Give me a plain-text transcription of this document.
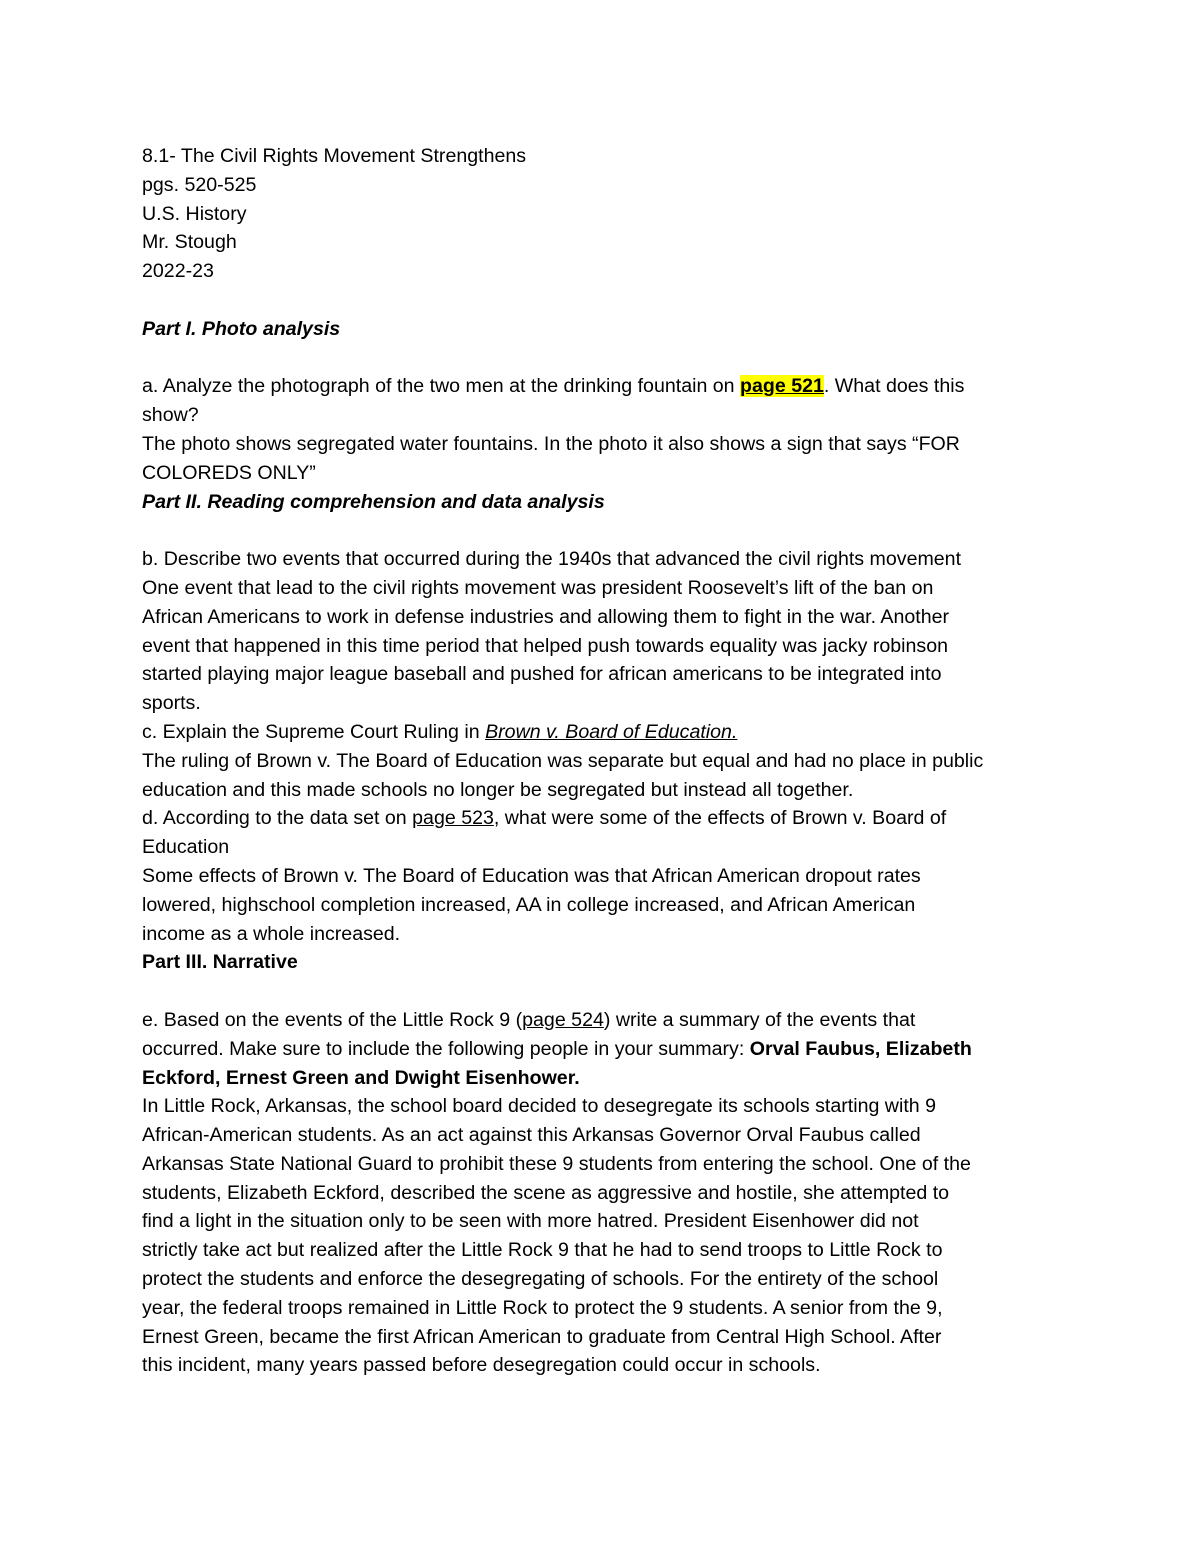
8.1- The Civil Rights Movement Strengthens
pgs. 520-525
U.S. History
Mr. Stough
2022-23
Part I. Photo analysis
a. Analyze the photograph of the two men at the drinking fountain on page 521. What does this
show?
The photo shows segregated water fountains. In the photo it also shows a sign that says “FOR
COLOREDS ONLY”
Part II. Reading comprehension and data analysis
b. Describe two events that occurred during the 1940s that advanced the civil rights movement
One event that lead to the civil rights movement was president Roosevelt’s lift of the ban on
African Americans to work in defense industries and allowing them to fight in the war. Another
event that happened in this time period that helped push towards equality was jacky robinson
started playing major league baseball and pushed for african americans to be integrated into
sports.
c. Explain the Supreme Court Ruling in Brown v. Board of Education.
The ruling of Brown v. The Board of Education was separate but equal and had no place in public
education and this made schools no longer be segregated but instead all together.
d. According to the data set on page 523, what were some of the effects of Brown v. Board of
Education
Some effects of Brown v. The Board of Education was that African American dropout rates
lowered, highschool completion increased, AA in college increased, and African American
income as a whole increased.
Part III. Narrative
e. Based on the events of the Little Rock 9 (page 524) write a summary of the events that
occurred. Make sure to include the following people in your summary: Orval Faubus, Elizabeth
Eckford, Ernest Green and Dwight Eisenhower.
In Little Rock, Arkansas, the school board decided to desegregate its schools starting with 9
African-American students. As an act against this Arkansas Governor Orval Faubus called
Arkansas State National Guard to prohibit these 9 students from entering the school. One of the
students, Elizabeth Eckford, described the scene as aggressive and hostile, she attempted to
find a light in the situation only to be seen with more hatred. President Eisenhower did not
strictly take act but realized after the Little Rock 9 that he had to send troops to Little Rock to
protect the students and enforce the desegregating of schools. For the entirety of the school
year, the federal troops remained in Little Rock to protect the 9 students. A senior from the 9,
Ernest Green, became the first African American to graduate from Central High School. After
this incident, many years passed before desegregation could occur in schools.
